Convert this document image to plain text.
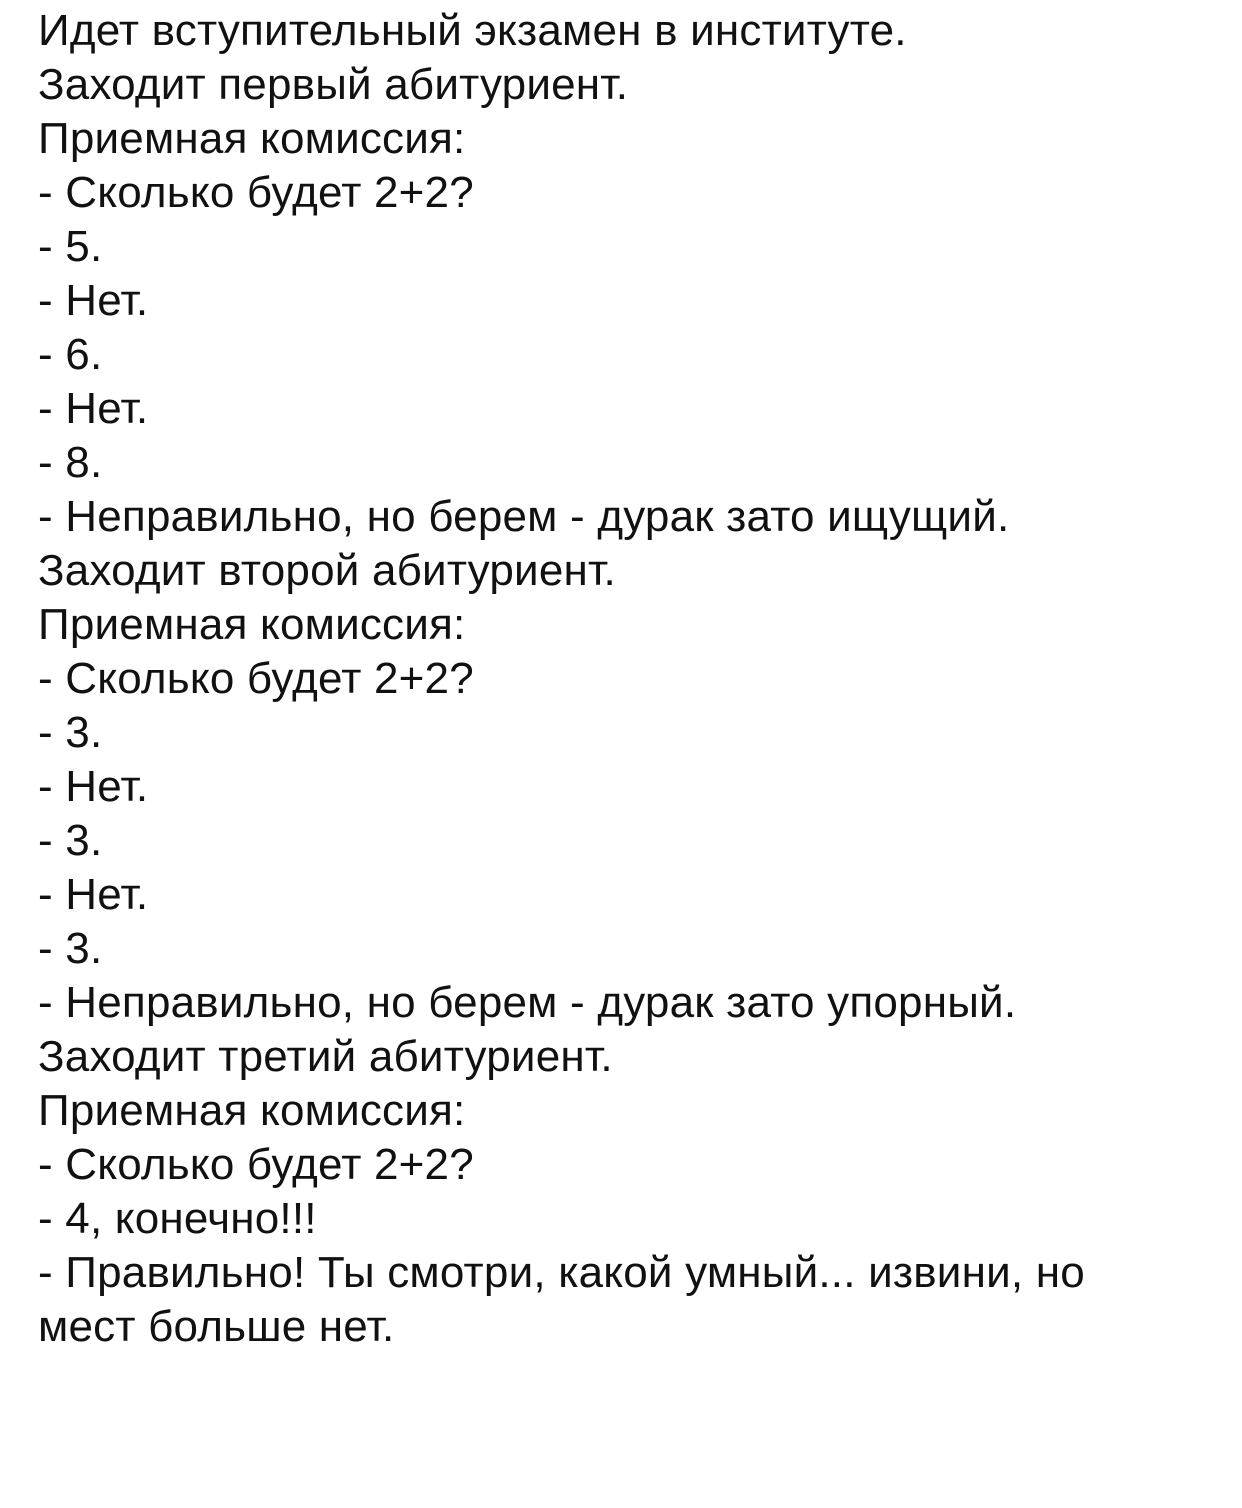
Идет вступительный экзамен в институте.
Заходит первый абитуриент.
Приемная комиссия:
- Сколько будет 2+2?
- 5.
- Нет.
- 6.
- Нет.
- 8.
- Неправильно, но берем - дурак зато ищущий.
Заходит второй абитуриент.
Приемная комиссия:
- Сколько будет 2+2?
- 3.
- Нет.
- 3.
- Нет.
- 3.
- Неправильно, но берем - дурак зато упорный.
Заходит третий абитуриент.
Приемная комиссия:
- Сколько будет 2+2?
- 4, конечно!!!
- Правильно! Ты смотри, какой умный... извини, но
мест больше нет.
